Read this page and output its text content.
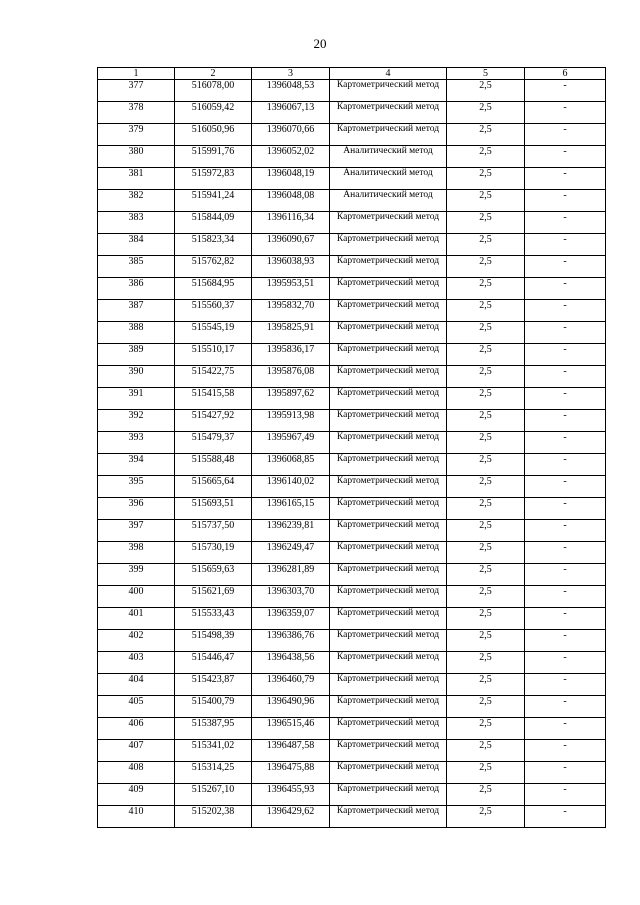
20
1	2	3	4	5	6
377	516078,00	1396048,53	Картометрический метод	2,5	-
378	516059,42	1396067,13	Картометрический метод	2,5	-
379	516050,96	1396070,66	Картометрический метод	2,5	-
380	515991,76	1396052,02	Аналитический метод	2,5	-
381	515972,83	1396048,19	Аналитический метод	2,5	-
382	515941,24	1396048,08	Аналитический метод	2,5	-
383	515844,09	1396116,34	Картометрический метод	2,5	-
384	515823,34	1396090,67	Картометрический метод	2,5	-
385	515762,82	1396038,93	Картометрический метод	2,5	-
386	515684,95	1395953,51	Картометрический метод	2,5	-
387	515560,37	1395832,70	Картометрический метод	2,5	-
388	515545,19	1395825,91	Картометрический метод	2,5	-
389	515510,17	1395836,17	Картометрический метод	2,5	-
390	515422,75	1395876,08	Картометрический метод	2,5	-
391	515415,58	1395897,62	Картометрический метод	2,5	-
392	515427,92	1395913,98	Картометрический метод	2,5	-
393	515479,37	1395967,49	Картометрический метод	2,5	-
394	515588,48	1396068,85	Картометрический метод	2,5	-
395	515665,64	1396140,02	Картометрический метод	2,5	-
396	515693,51	1396165,15	Картометрический метод	2,5	-
397	515737,50	1396239,81	Картометрический метод	2,5	-
398	515730,19	1396249,47	Картометрический метод	2,5	-
399	515659,63	1396281,89	Картометрический метод	2,5	-
400	515621,69	1396303,70	Картометрический метод	2,5	-
401	515533,43	1396359,07	Картометрический метод	2,5	-
402	515498,39	1396386,76	Картометрический метод	2,5	-
403	515446,47	1396438,56	Картометрический метод	2,5	-
404	515423,87	1396460,79	Картометрический метод	2,5	-
405	515400,79	1396490,96	Картометрический метод	2,5	-
406	515387,95	1396515,46	Картометрический метод	2,5	-
407	515341,02	1396487,58	Картометрический метод	2,5	-
408	515314,25	1396475,88	Картометрический метод	2,5	-
409	515267,10	1396455,93	Картометрический метод	2,5	-
410	515202,38	1396429,62	Картометрический метод	2,5	-
